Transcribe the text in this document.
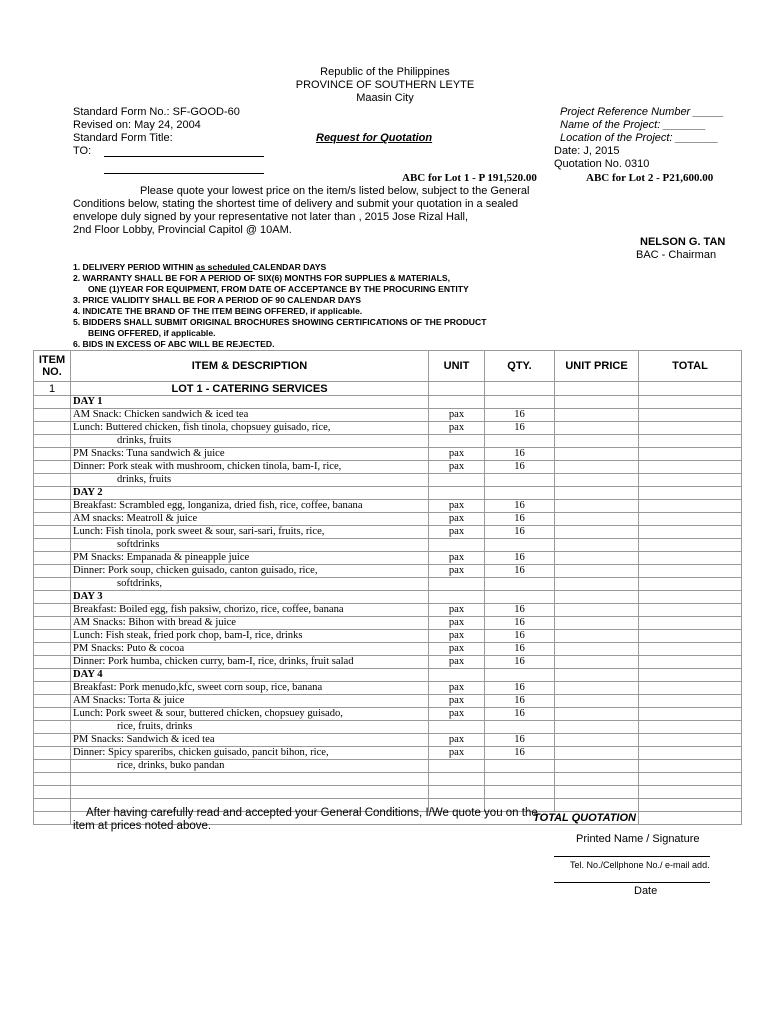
Republic of the Philippines
PROVINCE OF SOUTHERN LEYTE
Maasin City
Standard Form No.: SF-GOOD-60
Revised on: May 24, 2004
Standard Form Title:
TO:
Request for Quotation
Project Reference Number _____
Name of the Project: _______
Location of the Project: _______
Date: J, 2015
Quotation No. 0310
ABC for Lot 1 - P 191,520.00	ABC for Lot 2 - P21,600.00
Please quote your lowest price on the item/s listed below, subject to the General
Conditions below, stating the shortest time of delivery and submit your quotation in a sealed
envelope duly signed by your representative not later than , 2015 Jose Rizal Hall,
2nd Floor Lobby, Provincial Capitol @ 10AM.
NELSON G. TAN
BAC - Chairman
1. DELIVERY PERIOD WITHIN as scheduled CALENDAR DAYS
2. WARRANTY SHALL BE FOR A PERIOD OF SIX(6) MONTHS FOR SUPPLIES & MATERIALS,
ONE (1)YEAR FOR EQUIPMENT, FROM DATE OF ACCEPTANCE BY THE PROCURING ENTITY
3. PRICE VALIDITY SHALL BE FOR A PERIOD OF 90 CALENDAR DAYS
4. INDICATE THE BRAND OF THE ITEM BEING OFFERED, if applicable.
5. BIDDERS SHALL SUBMIT ORIGINAL BROCHURES SHOWING CERTIFICATIONS OF THE PRODUCT
BEING OFFERED, if applicable.
6. BIDS IN EXCESS OF ABC WILL BE REJECTED.
ITEM NO.	ITEM & DESCRIPTION	UNIT	QTY.	UNIT PRICE	TOTAL
1	LOT 1 - CATERING SERVICES				
	DAY 1				
	AM Snack: Chicken sandwich & iced tea	pax	16		
	Lunch: Buttered chicken, fish tinola, chopsuey guisado, rice,	pax	16		
	drinks, fruits				
	PM Snacks: Tuna sandwich & juice	pax	16		
	Dinner: Pork steak with mushroom, chicken tinola, bam-I, rice,	pax	16		
	drinks, fruits				
	DAY 2				
	Breakfast: Scrambled egg, longaniza, dried fish, rice, coffee, banana	pax	16		
	AM snacks: Meatroll & juice	pax	16		
	Lunch: Fish tinola, pork sweet & sour, sari-sari, fruits, rice,	pax	16		
	softdrinks				
	PM Snacks: Empanada & pineapple juice	pax	16		
	Dinner: Pork soup, chicken guisado, canton guisado, rice,	pax	16		
	softdrinks,				
	DAY 3				
	Breakfast: Boiled egg, fish paksiw, chorizo, rice, coffee, banana	pax	16		
	AM Snacks: Bihon with bread & juice	pax	16		
	Lunch: Fish steak, fried pork chop, bam-I, rice, drinks	pax	16		
	PM Snacks: Puto & cocoa	pax	16		
	Dinner: Pork humba, chicken curry, bam-I, rice, drinks, fruit salad	pax	16		
	DAY 4				
	Breakfast: Pork menudo,kfc, sweet corn soup, rice, banana	pax	16		
	AM Snacks: Torta & juice	pax	16		
	Lunch: Pork sweet & sour, buttered chicken, chopsuey guisado,	pax	16		
	rice, fruits, drinks				
	PM Snacks: Sandwich & iced tea	pax	16		
	Dinner: Spicy spareribs, chicken guisado, pancit bihon, rice,	pax	16		
	rice, drinks, buko pandan				

	TOTAL QUOTATION				
After having carefully read and accepted your General Conditions, I/We quote you on the
item at prices noted above.
Printed Name / Signature
Tel. No./Cellphone No./ e-mail add.
Date
